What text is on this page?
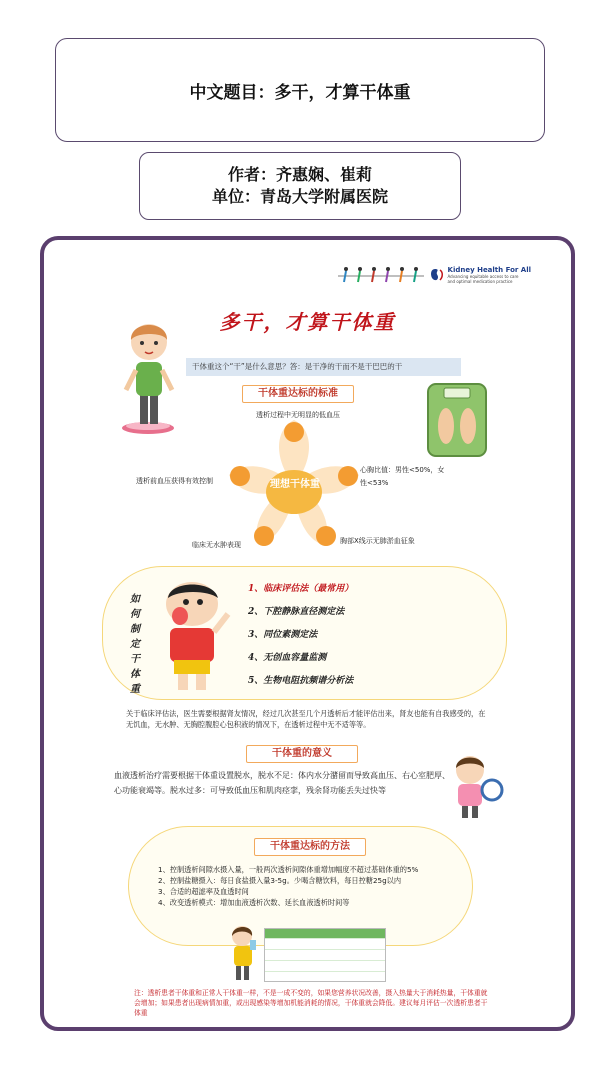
中文题目：多干，才算干体重
作者：齐惠娴、崔莉
单位：青岛大学附属医院
Kidney Health For All
Advancing equitable access to care
and optimal medication practice
多干，才算干体重
干体重这个“干”是什么意思？答：是干净的干而不是干巴巴的干
干体重达标的标准
理想干体重
透析过程中无明显的低血压
心胸比值：男性<50%，女性<53%
胸部X线示无肺淤血征象
临床无水肿表现
透析前血压获得有效控制
如何制定干体重
1、临床评估法（最常用）
2、下腔静脉直径测定法
3、同位素测定法
4、无创血容量监测
5、生物电阻抗频谱分析法
关于临床评估法，医生需要根据肾友情况，经过几次甚至几个月透析后才能评估出来，肾友也能有自我感受的，在无饥血，无水肿、无胸腔腹腔心包积液的情况下，在透析过程中无不适等等。
干体重的意义
血液透析治疗需要根据干体重设置脱水，脱水不足：体内水分潴留而导致高血压、右心室肥厚、心功能衰竭等。脱水过多：可导致低血压和肌肉痉挛，残余肾功能丢失过快等
干体重达标的方法
1、控制透析间隙水摄入量，一般两次透析间隙体重增加幅度不超过基础体重的5%
2、控制盐糖摄入：每日食盐摄入量3-5g。少喝含糖饮料，每日控糖25g以内
3、合适的超滤率及血透时间
4、改变透析模式：增加血液透析次数、延长血液透析时间等
注：透析患者干体重和正常人干体重一样，不是一成不变的，如果您营养状况改善，摄入热量大于消耗热量，干体重就会增加；如果患者出现病情加重，或出现感染等增加机能消耗的情况，干体重就会降低。建议每月评估一次透析患者干体重
